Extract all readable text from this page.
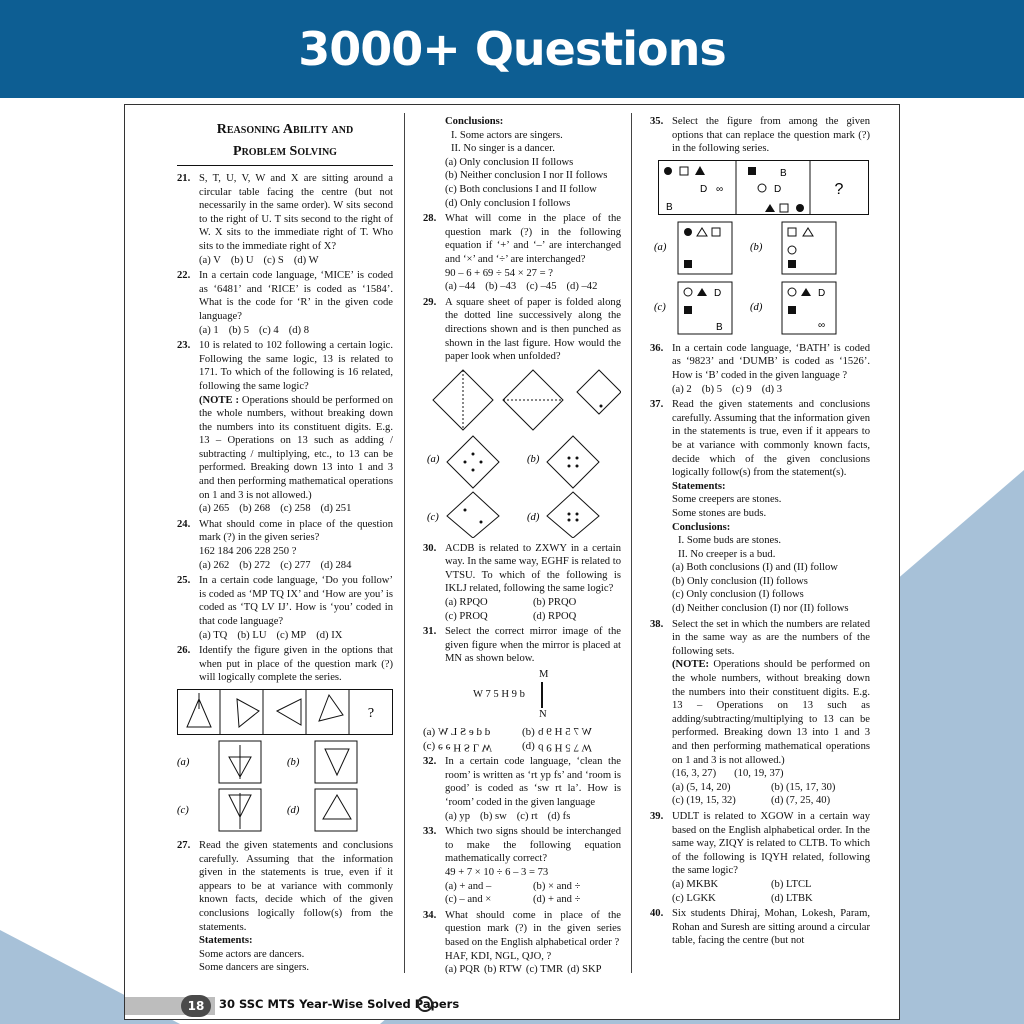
3000+ Questions
Reasoning Ability and
Problem Solving
21. S, T, U, V, W and X are sitting around a circular table facing the centre (but not necessarily in the same order). W sits second to the right of U. T sits second to the right of W. X sits to the immediate right of T. Who sits to the immediate right of X?
(a) V (b) U (c) S (d) W
22. In a certain code language, ‘MICE’ is coded as ‘6481’ and ‘RICE’ is coded as ‘1584’. What is the code for ‘R’ in the given code language?
(a) 1 (b) 5 (c) 4 (d) 8
23. 10 is related to 102 following a certain logic. Following the same logic, 13 is related to 171. To which of the following is 16 related, following the same logic?
(NOTE : Operations should be performed on the whole numbers, without breaking down the numbers into its constituent digits. E.g. 13 – Operations on 13 such as adding / subtracting / multiplying, etc., to 13 can be performed. Breaking down 13 into 1 and 3 and then performing mathematical operations on 1 and 3 is not allowed.)
(a) 265 (b) 268 (c) 258 (d) 251
24. What should come in place of the question mark (?) in the given series?
162 184 206 228 250 ?
(a) 262 (b) 272 (c) 277 (d) 284
25. In a certain code language, ‘Do you follow’ is coded as ‘MP TQ IX’ and ‘How are you’ is coded as ‘TQ LV IJ’. How is ‘you’ coded in that code language?
(a) TQ (b) LU (c) MP (d) IX
26. Identify the figure given in the options that when put in place of the question mark (?) will logically complete the series.
?
(a)	(b)
(c)	(d)
27. Read the given statements and conclusions carefully. Assuming that the information given in the statements is true, even if it appears to be at variance with commonly known facts, decide which of the given conclusions logically follow(s) from the statements.
Statements:
Some actors are dancers.
Some dancers are singers.
Conclusions:
I. Some actors are singers.
II. No singer is a dancer.
(a) Only conclusion II follows
(b) Neither conclusion I nor II follows
(c) Both conclusions I and II follow
(d) Only conclusion I follows
28. What will come in the place of the question mark (?) in the following equation if ‘+’ and ‘–’ are interchanged and ‘×’ and ‘÷’ are interchanged?
90 – 6 + 69 ÷ 54 × 27 = ?
(a) –44 (b) –43 (c) –45 (d) –42
29. A square sheet of paper is folded along the dotted line successively along the directions shown and is then punched as shown in the last figure. How would the paper look when unfolded?
(a)	(b)
(c)	(d)
30. ACDB is related to ZXWY in a certain way. In the same way, EGHF is related to VTSU. To which of the following is IKLJ related, following the same logic?
(a) RPQO	(b) PRQO
(c) PROQ	(d) RPOQ
31. Select the correct mirror image of the given figure when the mirror is placed at MN as shown below.
M
W 7 5 H 9 b
N
(a) d d e S L W	(b) W 7 5 H 9 b
(c) e e H S L W	(d) W 7 5 H 9 b
32. In a certain code language, ‘clean the room’ is written as ‘rt yp fs’ and ‘room is good’ is coded as ‘sw rt la’. How is ‘room’ coded in the given language
(a) yp (b) sw (c) rt (d) fs
33. Which two signs should be interchanged to make the following equation mathematically correct?
49 + 7 × 10 ÷ 6 – 3 = 73
(a) + and –	(b) × and ÷
(c) – and ×	(d) + and ÷
34. What should come in place of the question mark (?) in the given series based on the English alphabetical order ?
HAF, KDI, NGL, QJO, ?
(a) PQR (b) RTW (c) TMR (d) SKP
35. Select the figure from among the given options that can replace the question mark (?) in the following series.
D ∞
B
B
D	?
(a)	(b)
(c)
D
B
(d)
D
∞
36. In a certain code language, ‘BATH’ is coded as ‘9823’ and ‘DUMB’ is coded as ‘1526’. How is ‘B’ coded in the given language ?
(a) 2 (b) 5 (c) 9 (d) 3
37. Read the given statements and conclusions carefully. Assuming that the information given in the statements is true, even if it appears to be at variance with commonly known facts, decide which of the given conclusions logically follow(s) from the statement(s).
Statements:
Some creepers are stones.
Some stones are buds.
Conclusions:
I. Some buds are stones.
II. No creeper is a bud.
(a) Both conclusions (I) and (II) follow
(b) Only conclusion (II) follows
(c) Only conclusion (I) follows
(d) Neither conclusion (I) nor (II) follows
38. Select the set in which the numbers are related in the same way as are the numbers of the following sets.
(NOTE: Operations should be performed on the whole numbers, without breaking down the numbers into their constituent digits. E.g. 13 – Operations on 13 such as adding/subtracting/multiplying to 13 can be performed. Breaking down 13 into 1 and 3 and then performing mathematical operations on 1 and 3 is not allowed.)
(16, 3, 27) (10, 19, 37)
(a) (5, 14, 20)	(b) (15, 17, 30)
(c) (19, 15, 32)	(d) (7, 25, 40)
39. UDLT is related to XGOW in a certain way based on the English alphabetical order. In the same way, ZIQY is related to CLTB. To which of the following is IQYH related, following the same logic?
(a) MKBK	(b) LTCL
(c) LGKK	(d) LTBK
40. Six students Dhiraj, Mohan, Lokesh, Param, Rohan and Suresh are sitting around a circular table, facing the centre (but not
18	30 SSC MTS Year-Wise Solved Papers
